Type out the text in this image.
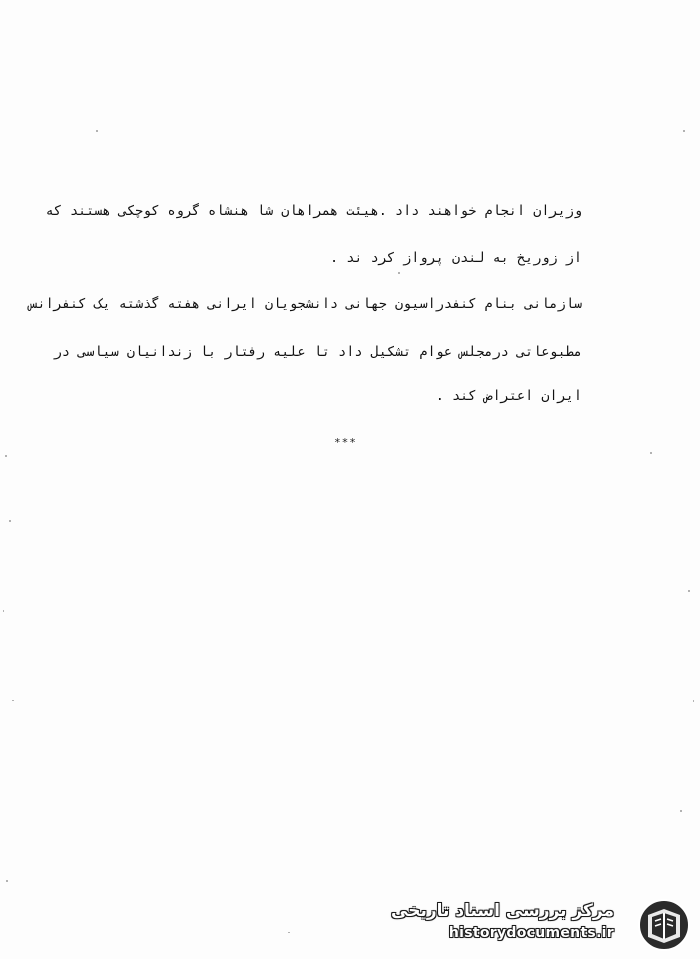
وزیران انجام خواهند داد .هیئت همراهان شا هنشاه گروه کوچکی هستند که
از زوریخ به لندن پرواز کرد ند .
سازمانی بنام کنفدراسیون جهانی دانشجویان ایرانی هفته گذشته یک کنفرانس
مطبوعاتی درمجلس عوام تشکیل داد تا علیه رفتار با زندانیان سیاسی در
ایران اعتراض کند .
***
مرکز بررسی اسناد تاریخی
historydocuments.ir
